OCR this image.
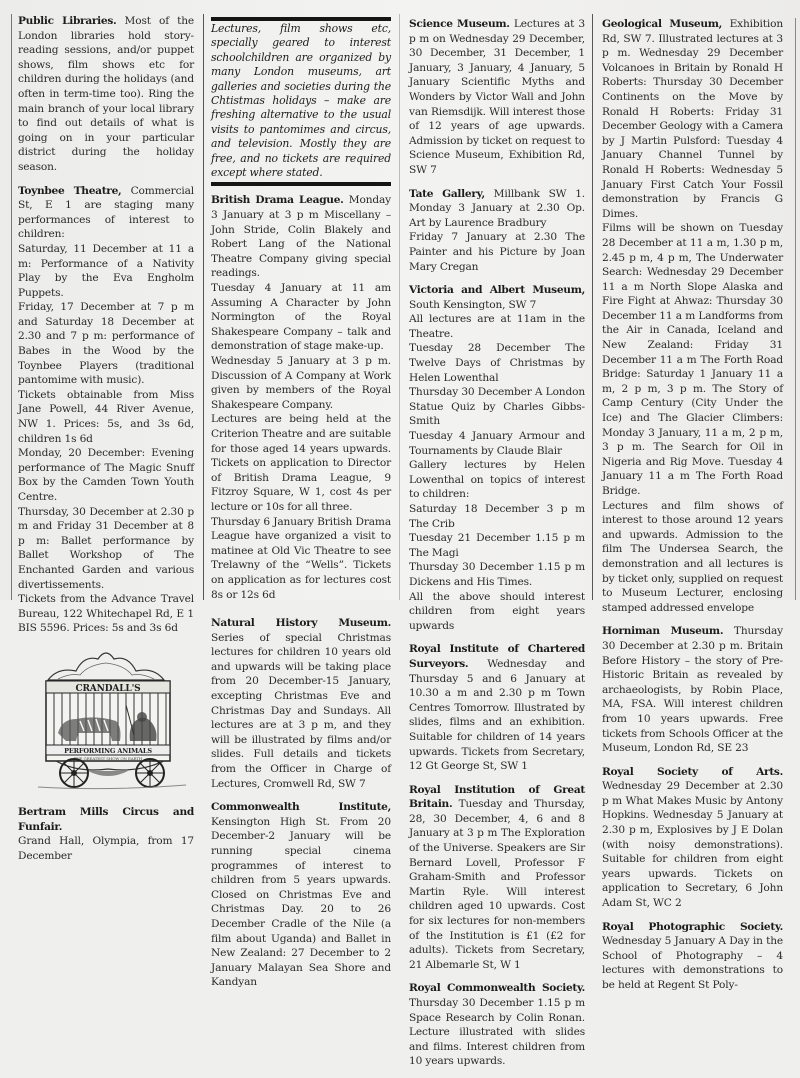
Public Libraries. Most of the London libraries hold story-reading sessions, and/or puppet shows, film shows etc for children during the holidays (and often in term-time too). Ring the main branch of your local library to find out details of what is going on in your particular district during the holiday season.

Toynbee Theatre, Commercial St, E 1 are staging many performances of interest to children:

Saturday, 11 December at 11 a m: Performance of a Nativity Play by the Eva Engholm Puppets.

Friday, 17 December at 7 p m and Saturday 18 December at 2.30 and 7 p m: performance of Babes in the Wood by the Toynbee Players (traditional pantomime with music).

Tickets obtainable from Miss Jane Powell, 44 River Avenue, NW 1. Prices: 5s, and 3s 6d, children 1s 6d

Monday, 20 December: Evening performance of The Magic Snuff Box by the Camden Town Youth Centre.

Thursday, 30 December at 2.30 p m and Friday 31 December at 8 p m: Ballet performance by Ballet Workshop of The Enchanted Garden and various divertissements.

Tickets from the Advance Travel Bureau, 122 Whitechapel Rd, E 1 BIS 5596. Prices: 5s and 3s 6d

CRANDALL'S
PERFORMING ANIMALS
THE GREATEST SHOW ON EARTH

Bertram Mills Circus and Funfair.

Grand Hall, Olympia, from 17 December

Lectures, film shows etc, specially geared to interest schoolchildren are organized by many London museums, art galleries and societies during the Chtistmas holidays – make are freshing alternative to the usual visits to pantomimes and circus, and television. Mostly they are free, and no tickets are required except where stated.

British Drama League. Monday 3 January at 3 p m Miscellany – John Stride, Colin Blakely and Robert Lang of the National Theatre Company giving special readings.

Tuesday 4 January at 11 am Assuming A Character by John Normington of the Royal Shakespeare Company – talk and demonstration of stage make-up.

Wednesday 5 January at 3 p m. Discussion of A Company at Work given by members of the Royal Shakespeare Company.

Lectures are being held at the Criterion Theatre and are suitable for those aged 14 years upwards. Tickets on application to Director of British Drama League, 9 Fitzroy Square, W 1, cost 4s per lecture or 10s for all three.

Thursday 6 January British Drama League have organized a visit to matinee at Old Vic Theatre to see Trelawny of the “Wells”. Tickets on application as for lectures cost 8s or 12s 6d

Natural History Museum. Series of special Christmas lectures for children 10 years old and upwards will be taking place from 20 December-15 January, excepting Christmas Eve and Christmas Day and Sundays. All lectures are at 3 p m, and they will be illustrated by films and/or slides. Full details and tickets from the Officer in Charge of Lectures, Cromwell Rd, SW 7

Commonwealth Institute, Kensington High St. From 20 December-2 January will be running special cinema programmes of interest to children from 5 years upwards. Closed on Christmas Eve and Christmas Day. 20 to 26 December Cradle of the Nile (a film about Uganda) and Ballet in New Zealand: 27 December to 2 January Malayan Sea Shore and Kandyan

Science Museum. Lectures at 3 p m on Wednesday 29 December, 30 December, 31 December, 1 January, 3 January, 4 January, 5 January Scientific Myths and Wonders by Victor Wall and John van Riemsdijk. Will interest those of 12 years of age upwards. Admission by ticket on request to Science Museum, Exhibition Rd, SW 7

Tate Gallery, Millbank SW 1. Monday 3 January at 2.30 Op. Art by Laurence Bradbury

Friday 7 January at 2.30 The Painter and his Picture by Joan Mary Cregan

Victoria and Albert Museum, South Kensington, SW 7

All lectures are at 11am in the Theatre.

Tuesday 28 December The Twelve Days of Christmas by Helen Lowenthal

Thursday 30 December A London Statue Quiz by Charles Gibbs-Smith

Tuesday 4 January Armour and Tournaments by Claude Blair

Gallery lectures by Helen Lowenthal on topics of interest to children:

Saturday 18 December 3 p m The Crib

Tuesday 21 December 1.15 p m The Magi

Thursday 30 December 1.15 p m Dickens and His Times.

All the above should interest children from eight years upwards

Royal Institute of Chartered Surveyors. Wednesday and Thursday 5 and 6 January at 10.30 a m and 2.30 p m Town Centres Tomorrow. Illustrated by slides, films and an exhibition. Suitable for children of 14 years upwards. Tickets from Secretary, 12 Gt George St, SW 1

Royal Institution of Great Britain. Tuesday and Thursday, 28, 30 December, 4, 6 and 8 January at 3 p m The Exploration of the Universe. Speakers are Sir Bernard Lovell, Professor F Graham-Smith and Professor Martin Ryle. Will interest children aged 10 upwards. Cost for six lectures for non-members of the Institution is £1 (£2 for adults). Tickets from Secretary, 21 Albemarle St, W 1

Royal Commonwealth Society. Thursday 30 December 1.15 p m Space Research by Colin Ronan. Lecture illustrated with slides and films. Interest children from 10 years upwards.

Geological Museum, Exhibition Rd, SW 7. Illustrated lectures at 3 p m. Wednesday 29 December Volcanoes in Britain by Ronald H Roberts: Thursday 30 December Continents on the Move by Ronald H Roberts: Friday 31 December Geology with a Camera by J Martin Pulsford: Tuesday 4 January Channel Tunnel by Ronald H Roberts: Wednesday 5 January First Catch Your Fossil demonstration by Francis G Dimes.

Films will be shown on Tuesday 28 December at 11 a m, 1.30 p m, 2.45 p m, 4 p m, The Underwater Search: Wednesday 29 December 11 a m North Slope Alaska and Fire Fight at Ahwaz: Thursday 30 December 11 a m Landforms from the Air in Canada, Iceland and New Zealand: Friday 31 December 11 a m The Forth Road Bridge: Saturday 1 January 11 a m, 2 p m, 3 p m. The Story of Camp Century (City Under the Ice) and The Glacier Climbers: Monday 3 January, 11 a m, 2 p m, 3 p m. The Search for Oil in Nigeria and Rig Move. Tuesday 4 January 11 a m The Forth Road Bridge.

Lectures and film shows of interest to those around 12 years and upwards. Admission to the film The Undersea Search, the demonstration and all lectures is by ticket only, supplied on request to Museum Lecturer, enclosing stamped addressed envelope

Horniman Museum. Thursday 30 December at 2.30 p m. Britain Before History – the story of Pre-Historic Britain as revealed by archaeologists, by Robin Place, MA, FSA. Will interest children from 10 years upwards. Free tickets from Schools Officer at the Museum, London Rd, SE 23

Royal Society of Arts. Wednesday 29 December at 2.30 p m What Makes Music by Antony Hopkins. Wednesday 5 January at 2.30 p m, Explosives by J E Dolan (with noisy demonstrations). Suitable for children from eight years upwards. Tickets on application to Secretary, 6 John Adam St, WC 2

Royal Photographic Society. Wednesday 5 January A Day in the School of Photography – 4 lectures with demonstrations to be held at Regent St Poly-
